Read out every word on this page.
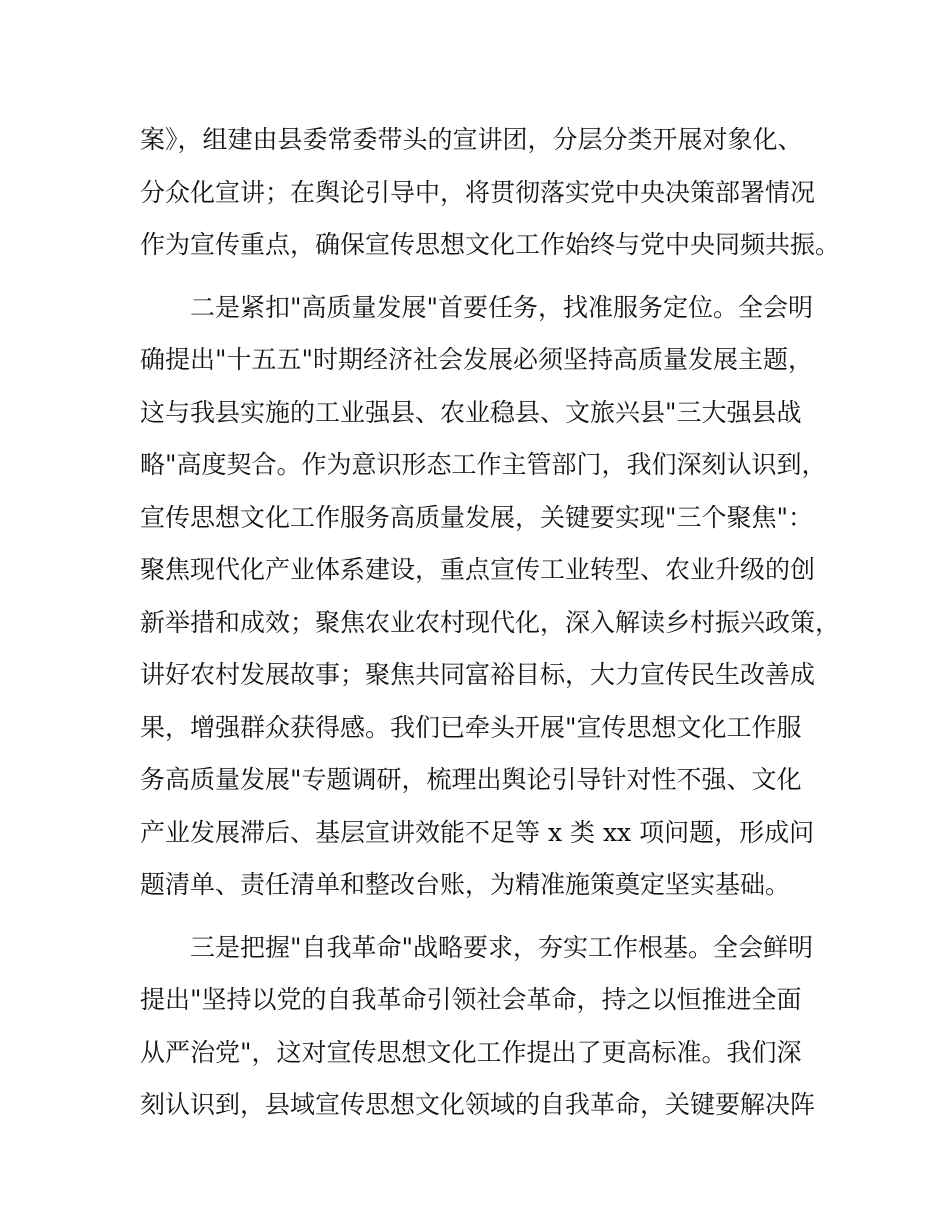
案》，组建由县委常委带头的宣讲团，分层分类开展对象化、
分众化宣讲；在舆论引导中，将贯彻落实党中央决策部署情况
作为宣传重点，确保宣传思想文化工作始终与党中央同频共振。
　　二是紧扣"高质量发展"首要任务，找准服务定位。全会明
确提出"十五五"时期经济社会发展必须坚持高质量发展主题，
这与我县实施的工业强县、农业稳县、文旅兴县"三大强县战
略"高度契合。作为意识形态工作主管部门，我们深刻认识到，
宣传思想文化工作服务高质量发展，关键要实现"三个聚焦"：
聚焦现代化产业体系建设，重点宣传工业转型、农业升级的创
新举措和成效；聚焦农业农村现代化，深入解读乡村振兴政策，
讲好农村发展故事；聚焦共同富裕目标，大力宣传民生改善成
果，增强群众获得感。我们已牵头开展"宣传思想文化工作服
务高质量发展"专题调研，梳理出舆论引导针对性不强、文化
产业发展滞后、基层宣讲效能不足等 x 类 xx 项问题，形成问
题清单、责任清单和整改台账，为精准施策奠定坚实基础。
　　三是把握"自我革命"战略要求，夯实工作根基。全会鲜明
提出"坚持以党的自我革命引领社会革命，持之以恒推进全面
从严治党"，这对宣传思想文化工作提出了更高标准。我们深
刻认识到，县域宣传思想文化领域的自我革命，关键要解决阵
